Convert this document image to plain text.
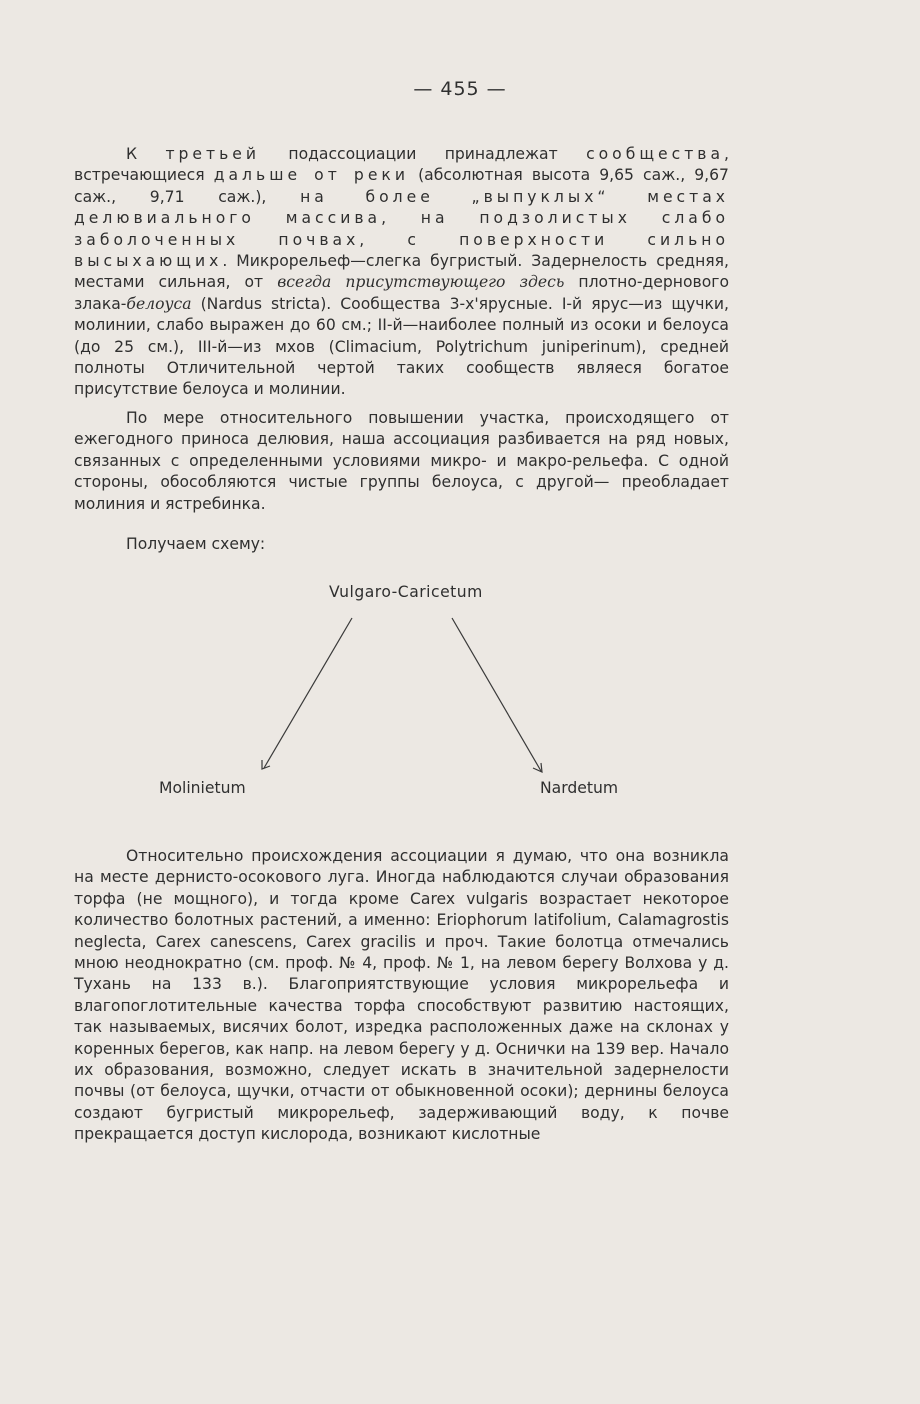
— 455 —

К третьей подассоциации принадлежат сообщества, встречающиеся дальше от реки (абсолютная высота 9,65 саж., 9,67 саж., 9,71 саж.), на более „выпуклых“ местах делювиального массива, на подзолистых слабо заболоченных почвах, с поверхности сильно высыхающих. Микрорельеф—слегка бугристый. Задернелость средняя, местами сильная, от всегда присутствующего здесь плотно-дернового злака-белоуса (Nardus stricta). Сообщества 3-х'ярусные. I-й ярус—из щучки, молинии, слабо выражен до 60 см.; II-й—наиболее полный из осоки и белоуса (до 25 см.), III-й—из мхов (Climacium, Polytrichum juniperinum), средней полноты Отличительной чертой таких сообществ являеся богатое присутствие белоуса и молинии.

По мере относительного повышении участка, происходящего от ежегодного приноса делювия, наша ассоциация разбивается на ряд новых, связанных с определенными условиями микро- и макро-рельефа. С одной стороны, обособляются чистые группы белоуса, с другой— преобладает молиния и ястребинка.

Получаем схему:

Vulgaro-Caricetum
Molinietum	Nardetum

Относительно происхождения ассоциации я думаю, что она возникла на месте дернисто-осокового луга. Иногда наблюдаются случаи образования торфа (не мощного), и тогда кроме Carex vulgaris возрастает некоторое количество болотных растений, а именно: Eriophorum latifolium, Calamagrostis neglecta, Carex canescens, Carex gracilis и проч. Такие болотца отмечались мною неоднократно (см. проф. № 4, проф. № 1, на левом берегу Волхова у д. Тухань на 133 в.). Благоприятствующие условия микрорельефа и влагопоглотительные качества торфа способствуют развитию настоящих, так называемых, висячих болот, изредка расположенных даже на склонах у коренных берегов, как напр. на левом берегу у д. Оснички на 139 вер. Начало их образования, возможно, следует искать в значительной задернелости почвы (от белоуса, щучки, отчасти от обыкновенной осоки); дернины белоуса создают бугристый микрорельеф, задерживающий воду, к почве прекращается доступ кислорода, возникают кислотные
